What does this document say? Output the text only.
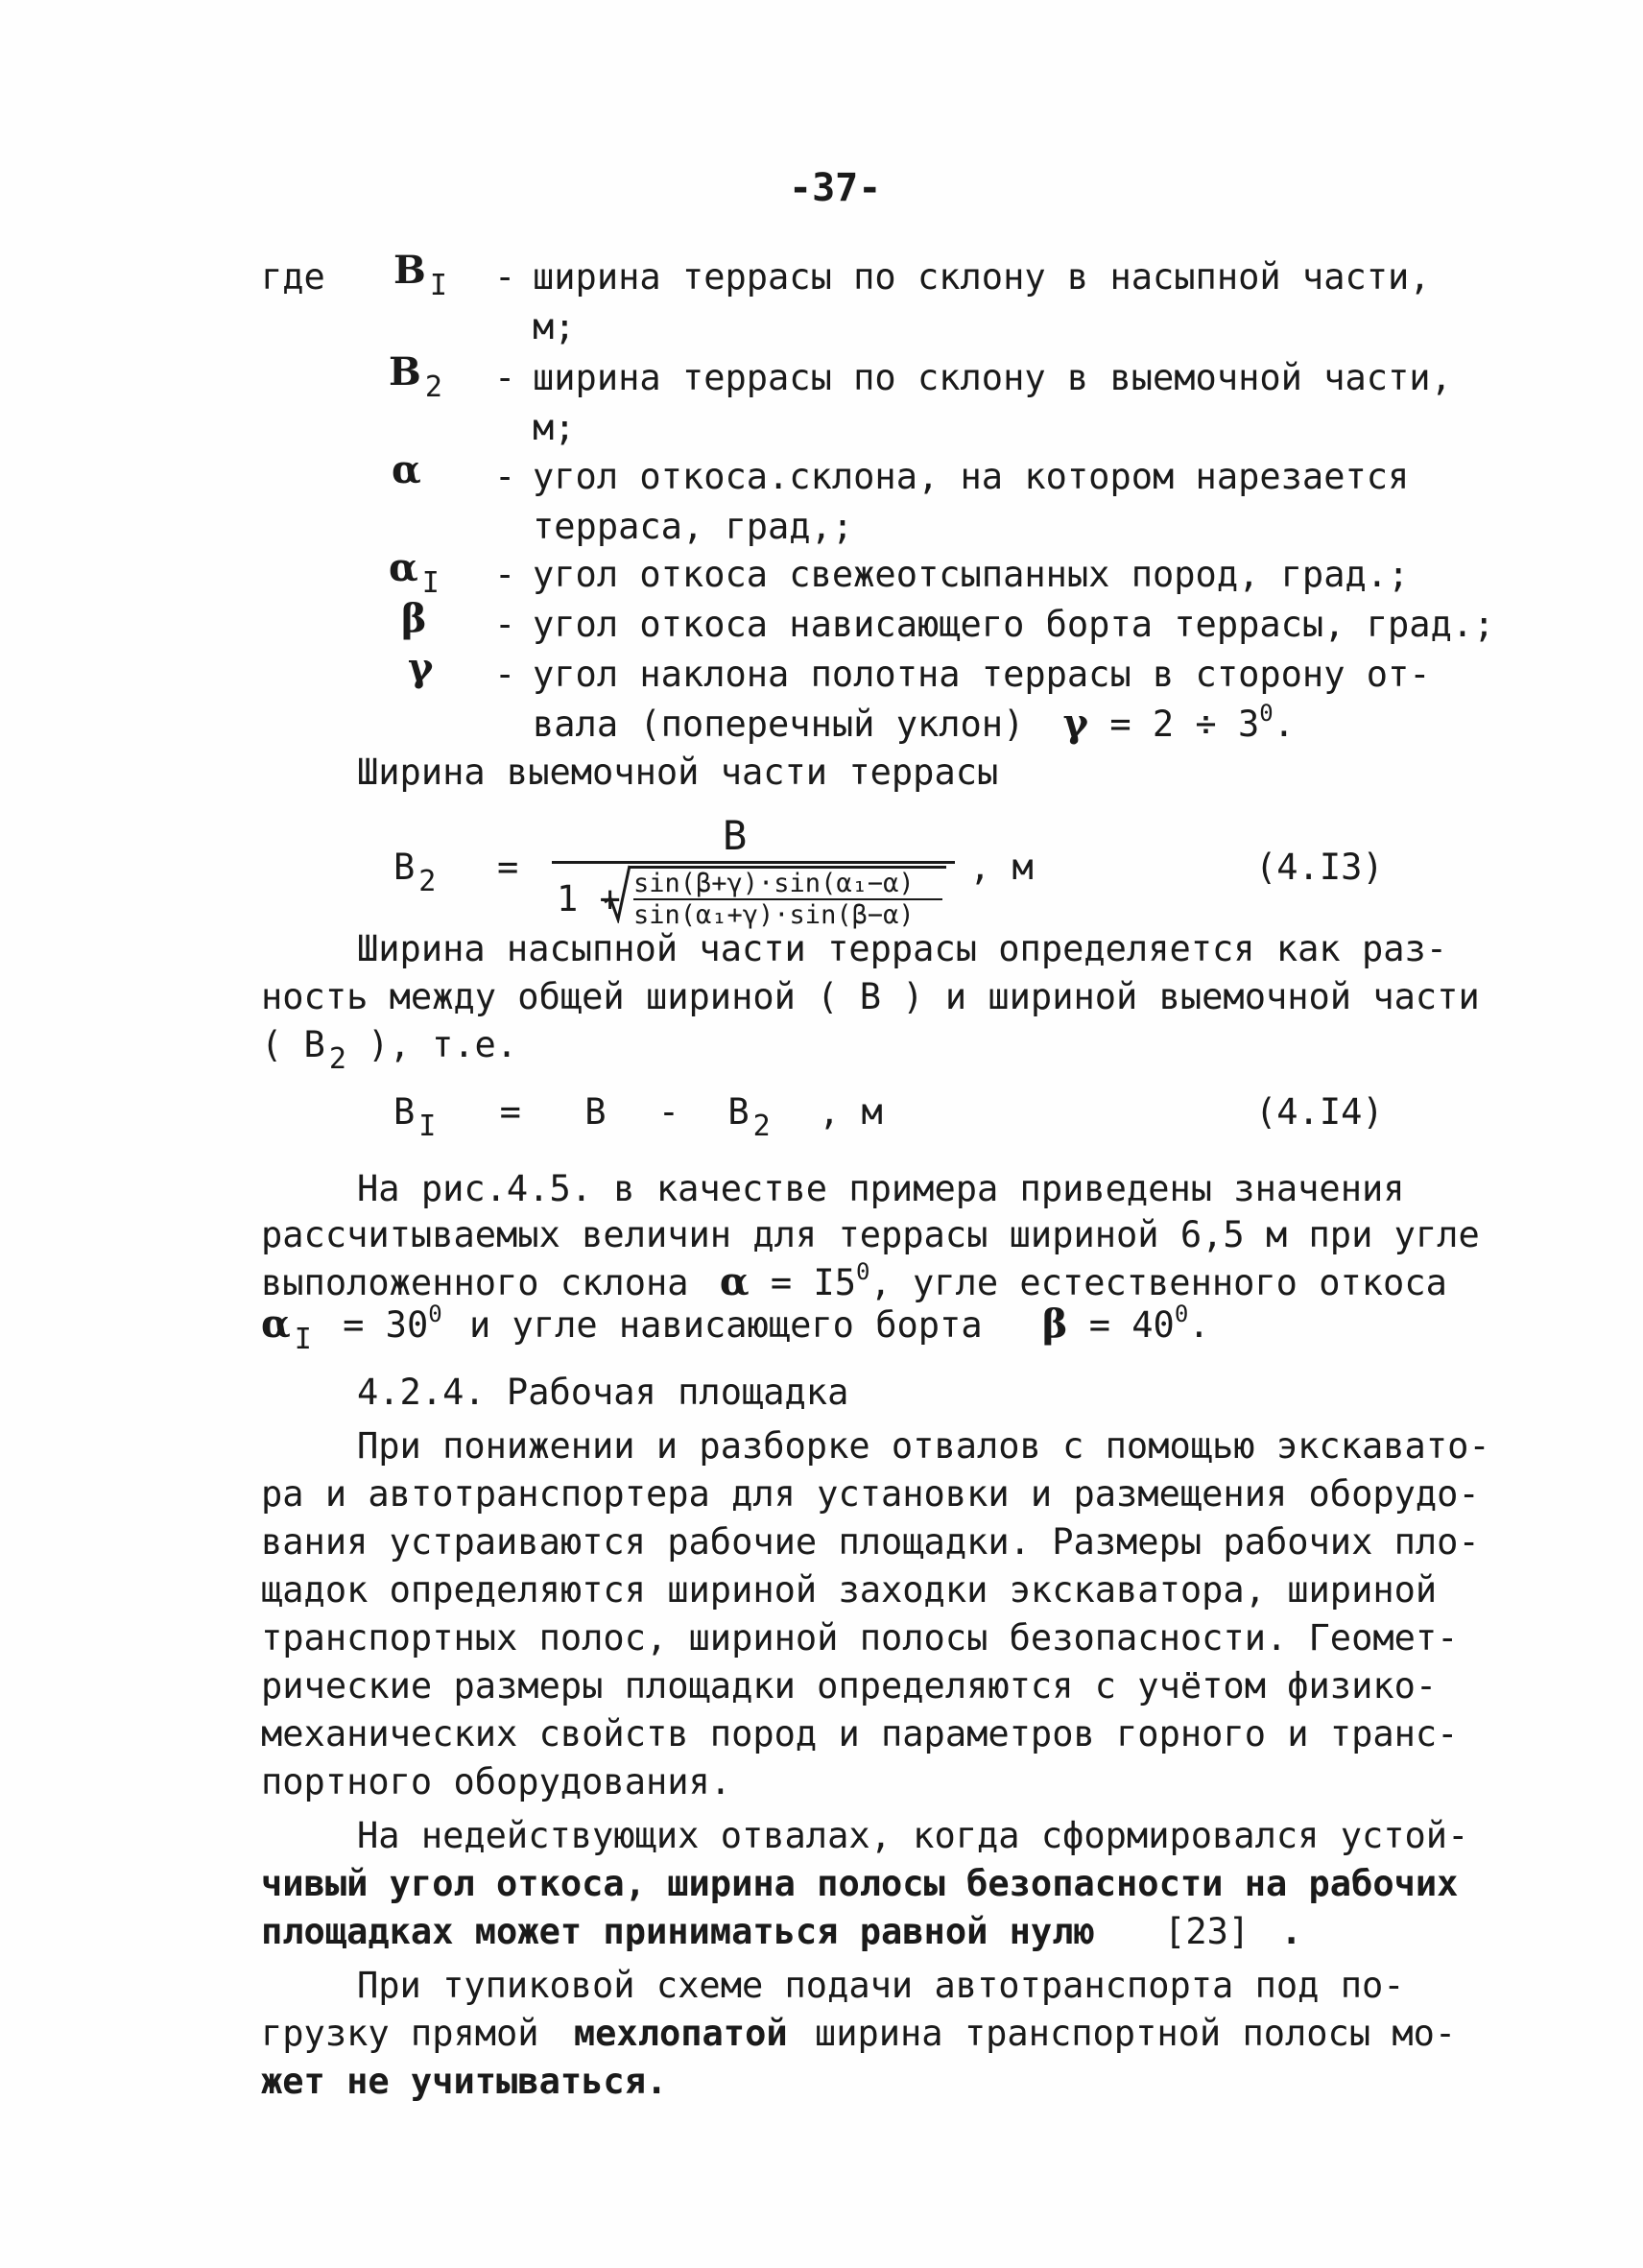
-37-
где B $_I$ - ширина террасы по склону в насыпной части,
м;
B $_2$ - ширина террасы по склону в выемочной части,
м;
α - угол откоса.склона, на котором нарезается
терраса, град,;
α $_I$ - угол откоса свежеотсыпанных пород, град.;
β - угол откоса нависающего борта террасы, град.;
γ - угол наклона полотна террасы в сторону от-
вала (поперечный уклон) $\gamma = 2 \div 3^0$.
Ширина выемочной части террасы
B $_2$ =
B
1 + sin(β+γ)·sin(α₁−α)
sin(α₁+γ)·sin(β−α)
, м	(4.I3)
Ширина насыпной части террасы определяется как раз-
ность между общей шириной ( B ) и шириной выемочной части
( B $_2$ ), т.е.
B $_I$ = B - B $_2$ , м	(4.I4)
На рис.4.5. в качестве примера приведены значения
рассчитываемых величин для террасы шириной 6,5 м при угле
выположенного склона $\alpha = I5^0$, угле естественного откоса
α $_I = 30^0$ и угле нависающего борта $\beta = 40^0$.
4.2.4. Рабочая площадка
При понижении и разборке отвалов с помощью экскавато-
ра и автотранспортера для установки и размещения оборудо-
вания устраиваются рабочие площадки. Размеры рабочих пло-
щадок определяются шириной заходки экскаватора, шириной
транспортных полос, шириной полосы безопасности. Геомет-
рические размеры площадки определяются с учётом физико-
механических свойств пород и параметров горного и транс-
портного оборудования.
На недействующих отвалах, когда сформировался устой-
чивый угол откоса, ширина полосы безопасности на рабочих
площадках может приниматься равной нулю [23] .
При тупиковой схеме подачи автотранспорта под по-
грузку прямой мехлопатой ширина транспортной полосы мо-
жет не учитываться.
